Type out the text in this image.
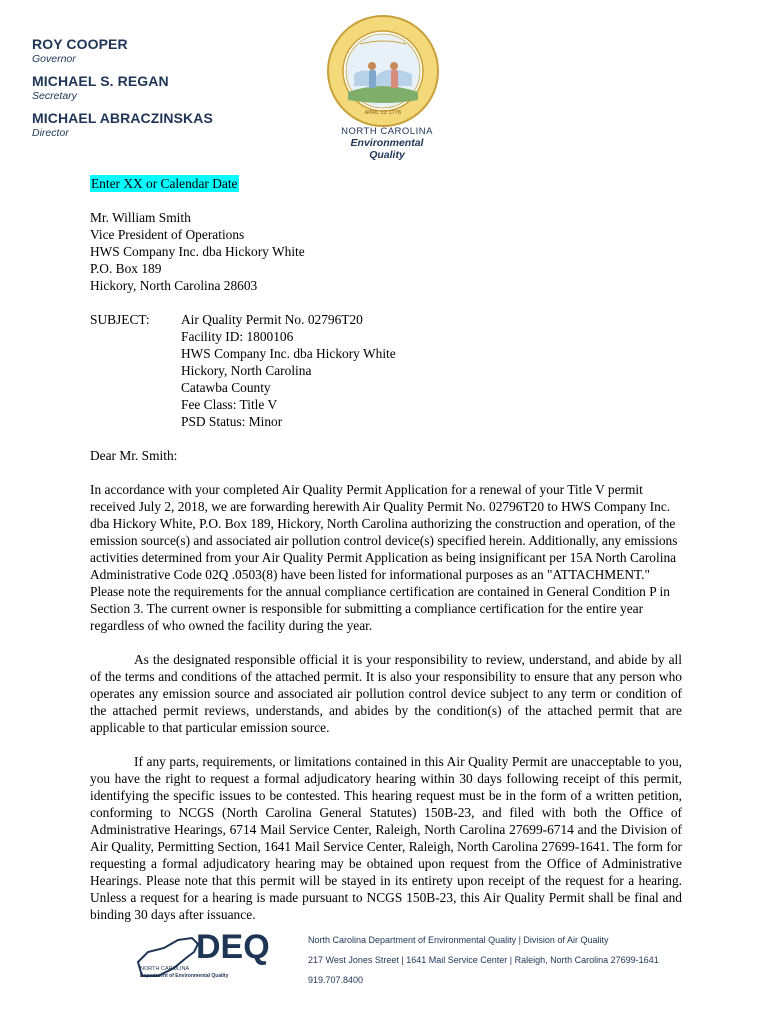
ROY COOPER
Governor
MICHAEL S. REGAN
Secretary
MICHAEL ABRACZINSKAS
Director
APRIL 12 1776
NORTH CAROLINA
Environmental Quality

Enter XX or Calendar Date

Mr. William Smith
Vice President of Operations
HWS Company Inc. dba Hickory White
P.O. Box 189
Hickory, North Carolina 28603
SUBJECT:	Air Quality Permit No. 02796T20
Facility ID: 1800106
HWS Company Inc. dba Hickory White
Hickory, North Carolina
Catawba County
Fee Class: Title V
PSD Status: Minor

Dear Mr. Smith:

In accordance with your completed Air Quality Permit Application for a renewal of your Title V permit received July 2, 2018, we are forwarding herewith Air Quality Permit No. 02796T20 to HWS Company Inc. dba Hickory White, P.O. Box 189, Hickory, North Carolina authorizing the construction and operation, of the emission source(s) and associated air pollution control device(s) specified herein. Additionally, any emissions activities determined from your Air Quality Permit Application as being insignificant per 15A North Carolina Administrative Code 02Q .0503(8) have been listed for informational purposes as an "ATTACHMENT." Please note the requirements for the annual compliance certification are contained in General Condition P in Section 3. The current owner is responsible for submitting a compliance certification for the entire year regardless of who owned the facility during the year.

As the designated responsible official it is your responsibility to review, understand, and abide by all of the terms and conditions of the attached permit. It is also your responsibility to ensure that any person who operates any emission source and associated air pollution control device subject to any term or condition of the attached permit reviews, understands, and abides by the condition(s) of the attached permit that are applicable to that particular emission source.

If any parts, requirements, or limitations contained in this Air Quality Permit are unacceptable to you, you have the right to request a formal adjudicatory hearing within 30 days following receipt of this permit, identifying the specific issues to be contested. This hearing request must be in the form of a written petition, conforming to NCGS (North Carolina General Statutes) 150B-23, and filed with both the Office of Administrative Hearings, 6714 Mail Service Center, Raleigh, North Carolina 27699-6714 and the Division of Air Quality, Permitting Section, 1641 Mail Service Center, Raleigh, North Carolina 27699-1641. The form for requesting a formal adjudicatory hearing may be obtained upon request from the Office of Administrative Hearings. Please note that this permit will be stayed in its entirety upon receipt of the request for a hearing. Unless a request for a hearing is made pursuant to NCGS 150B-23, this Air Quality Permit shall be final and binding 30 days after issuance.

DEQ
NORTH CAROLINA
Department of Environmental Quality
North Carolina Department of Environmental Quality | Division of Air Quality
217 West Jones Street | 1641 Mail Service Center | Raleigh, North Carolina 27699-1641
919.707.8400
